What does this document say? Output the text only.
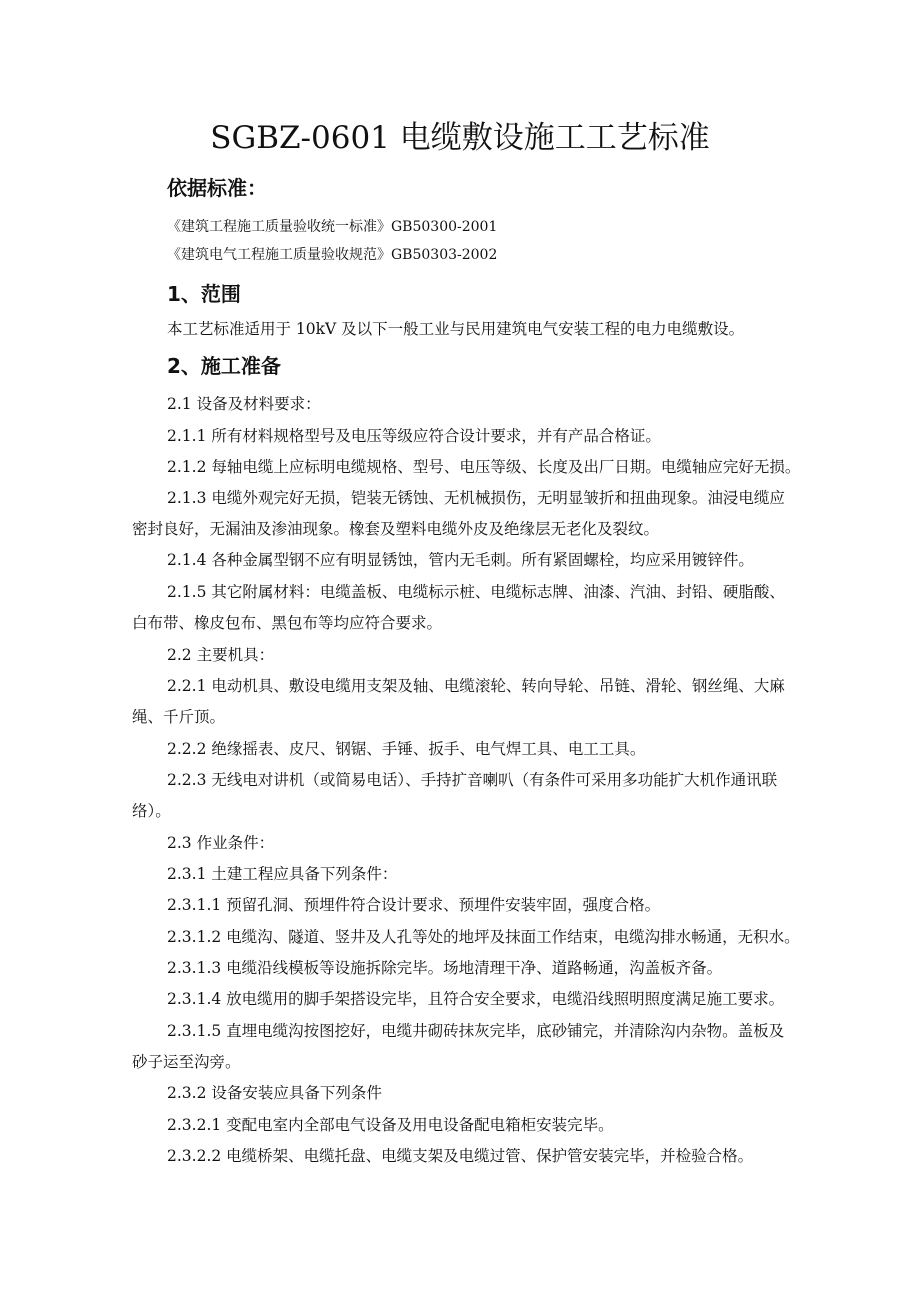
SGBZ-0601 电缆敷设施工工艺标准
依据标准：
《建筑工程施工质量验收统一标准》GB50300-2001
《建筑电气工程施工质量验收规范》GB50303-2002
1、范围
本工艺标准适用于 10kV 及以下一般工业与民用建筑电气安装工程的电力电缆敷设。
2、施工准备
2.1 设备及材料要求：
2.1.1 所有材料规格型号及电压等级应符合设计要求，并有产品合格证。
2.1.2 每轴电缆上应标明电缆规格、型号、电压等级、长度及出厂日期。电缆轴应完好无损。
2.1.3 电缆外观完好无损，铠装无锈蚀、无机械损伤，无明显皱折和扭曲现象。油浸电缆应
密封良好，无漏油及渗油现象。橡套及塑料电缆外皮及绝缘层无老化及裂纹。
2.1.4 各种金属型钢不应有明显锈蚀，管内无毛刺。所有紧固螺栓，均应采用镀锌件。
2.1.5 其它附属材料：电缆盖板、电缆标示桩、电缆标志牌、油漆、汽油、封铅、硬脂酸、
白布带、橡皮包布、黑包布等均应符合要求。
2.2 主要机具：
2.2.1 电动机具、敷设电缆用支架及轴、电缆滚轮、转向导轮、吊链、滑轮、钢丝绳、大麻
绳、千斤顶。
2.2.2 绝缘摇表、皮尺、钢锯、手锤、扳手、电气焊工具、电工工具。
2.2.3 无线电对讲机（或简易电话）、手持扩音喇叭（有条件可采用多功能扩大机作通讯联
络）。
2.3 作业条件：
2.3.1 土建工程应具备下列条件：
2.3.1.1 预留孔洞、预埋件符合设计要求、预埋件安装牢固，强度合格。
2.3.1.2 电缆沟、隧道、竖井及人孔等处的地坪及抹面工作结束，电缆沟排水畅通，无积水。
2.3.1.3 电缆沿线模板等设施拆除完毕。场地清理干净、道路畅通，沟盖板齐备。
2.3.1.4 放电缆用的脚手架搭设完毕，且符合安全要求，电缆沿线照明照度满足施工要求。
2.3.1.5 直埋电缆沟按图挖好，电缆井砌砖抹灰完毕，底砂铺完，并清除沟内杂物。盖板及
砂子运至沟旁。
2.3.2 设备安装应具备下列条件
2.3.2.1 变配电室内全部电气设备及用电设备配电箱柜安装完毕。
2.3.2.2 电缆桥架、电缆托盘、电缆支架及电缆过管、保护管安装完毕，并检验合格。
